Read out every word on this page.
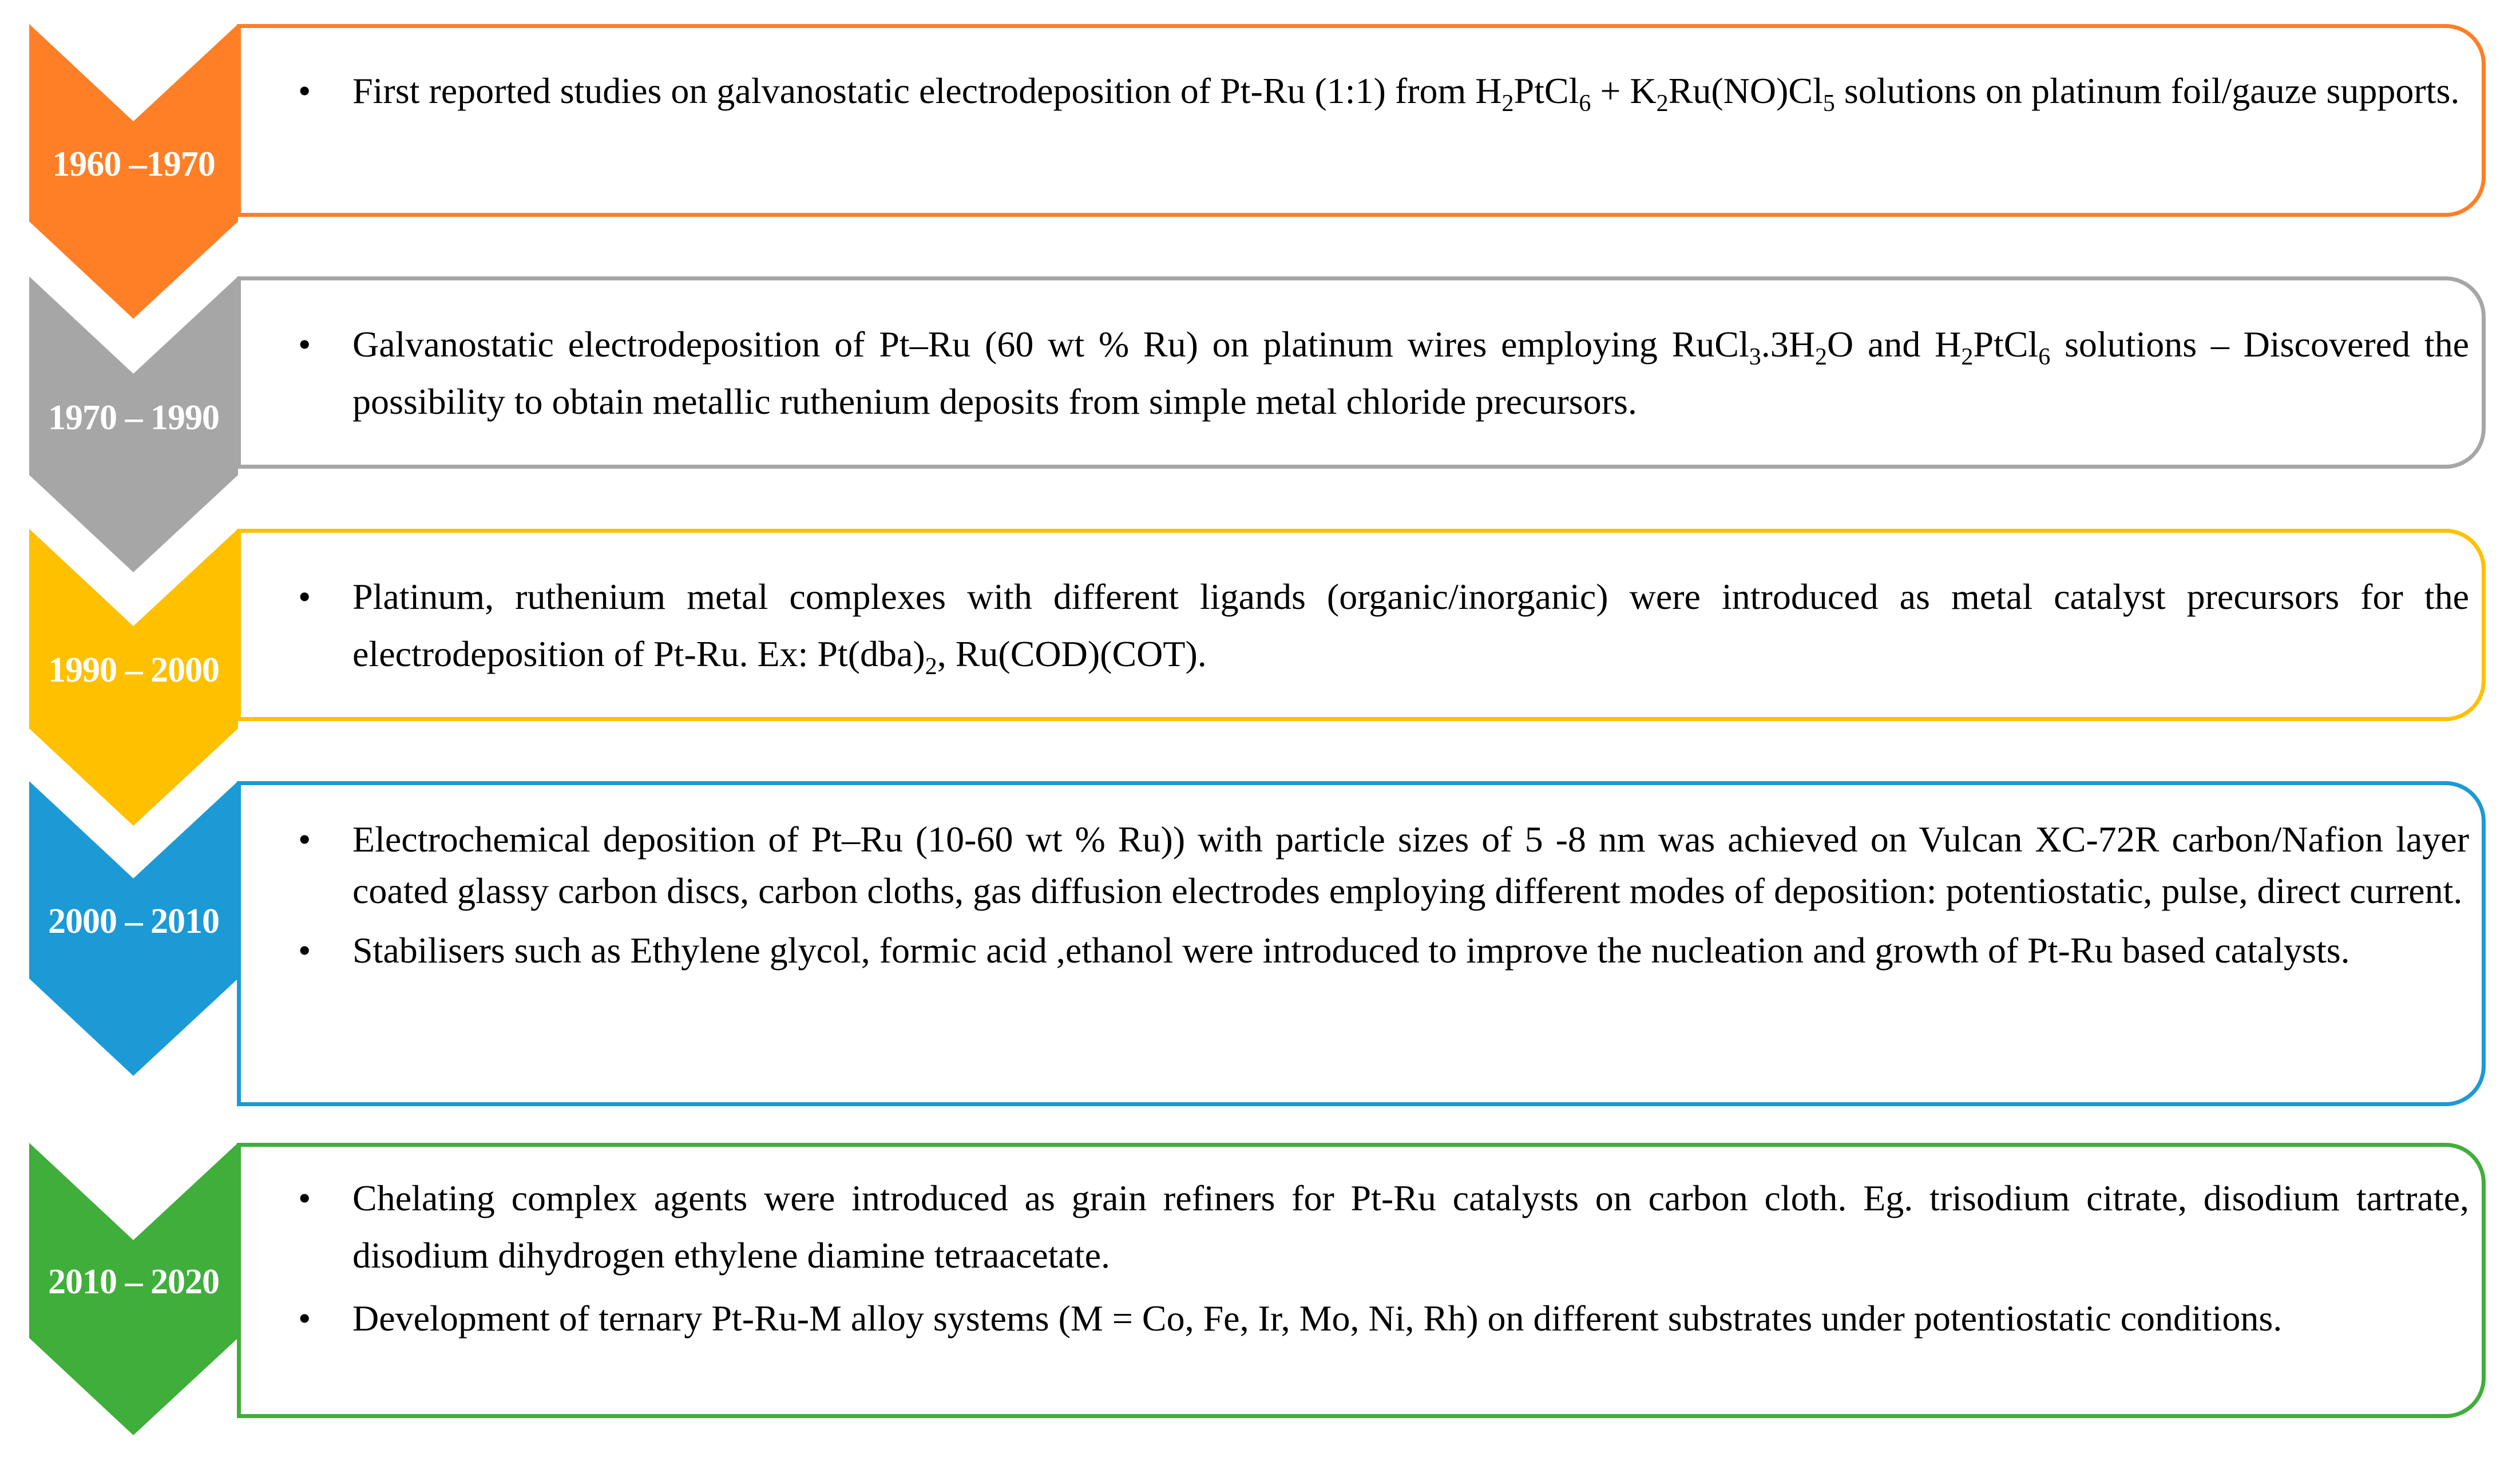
1960 –1970
• First reported studies on galvanostatic electrodeposition of Pt-Ru (1:1) from $H_2PtCl_6 + K_2Ru(NO)Cl_5$ solutions on platinum foil/gauze supports.
1970 – 1990
• Galvanostatic electrodeposition of Pt–Ru (60 wt % Ru) on platinum wires employing $RuCl_3.3H_2O$ and $H_2PtCl_6$ solutions – Discovered the possibility to obtain metallic ruthenium deposits from simple metal chloride precursors.
1990 – 2000
• Platinum, ruthenium metal complexes with different ligands (organic/inorganic) were introduced as metal catalyst precursors for the electrodeposition of Pt-Ru. Ex: $Pt(dba)_2$, Ru(COD)(COT).
2000 – 2010
• Electrochemical deposition of Pt–Ru (10-60 wt % Ru)) with particle sizes of 5 -8 nm was achieved on Vulcan XC-72R carbon/Nafion layer coated glassy carbon discs, carbon cloths, gas diffusion electrodes employing different modes of deposition: potentiostatic, pulse, direct current.
• Stabilisers such as Ethylene glycol, formic acid ,ethanol were introduced to improve the nucleation and growth of Pt-Ru based catalysts.
2010 – 2020
• Chelating complex agents were introduced as grain refiners for Pt-Ru catalysts on carbon cloth. Eg. trisodium citrate, disodium tartrate, disodium dihydrogen ethylene diamine tetraacetate.
• Development of ternary Pt-Ru-M alloy systems (M = Co, Fe, Ir, Mo, Ni, Rh) on different substrates under potentiostatic conditions.
